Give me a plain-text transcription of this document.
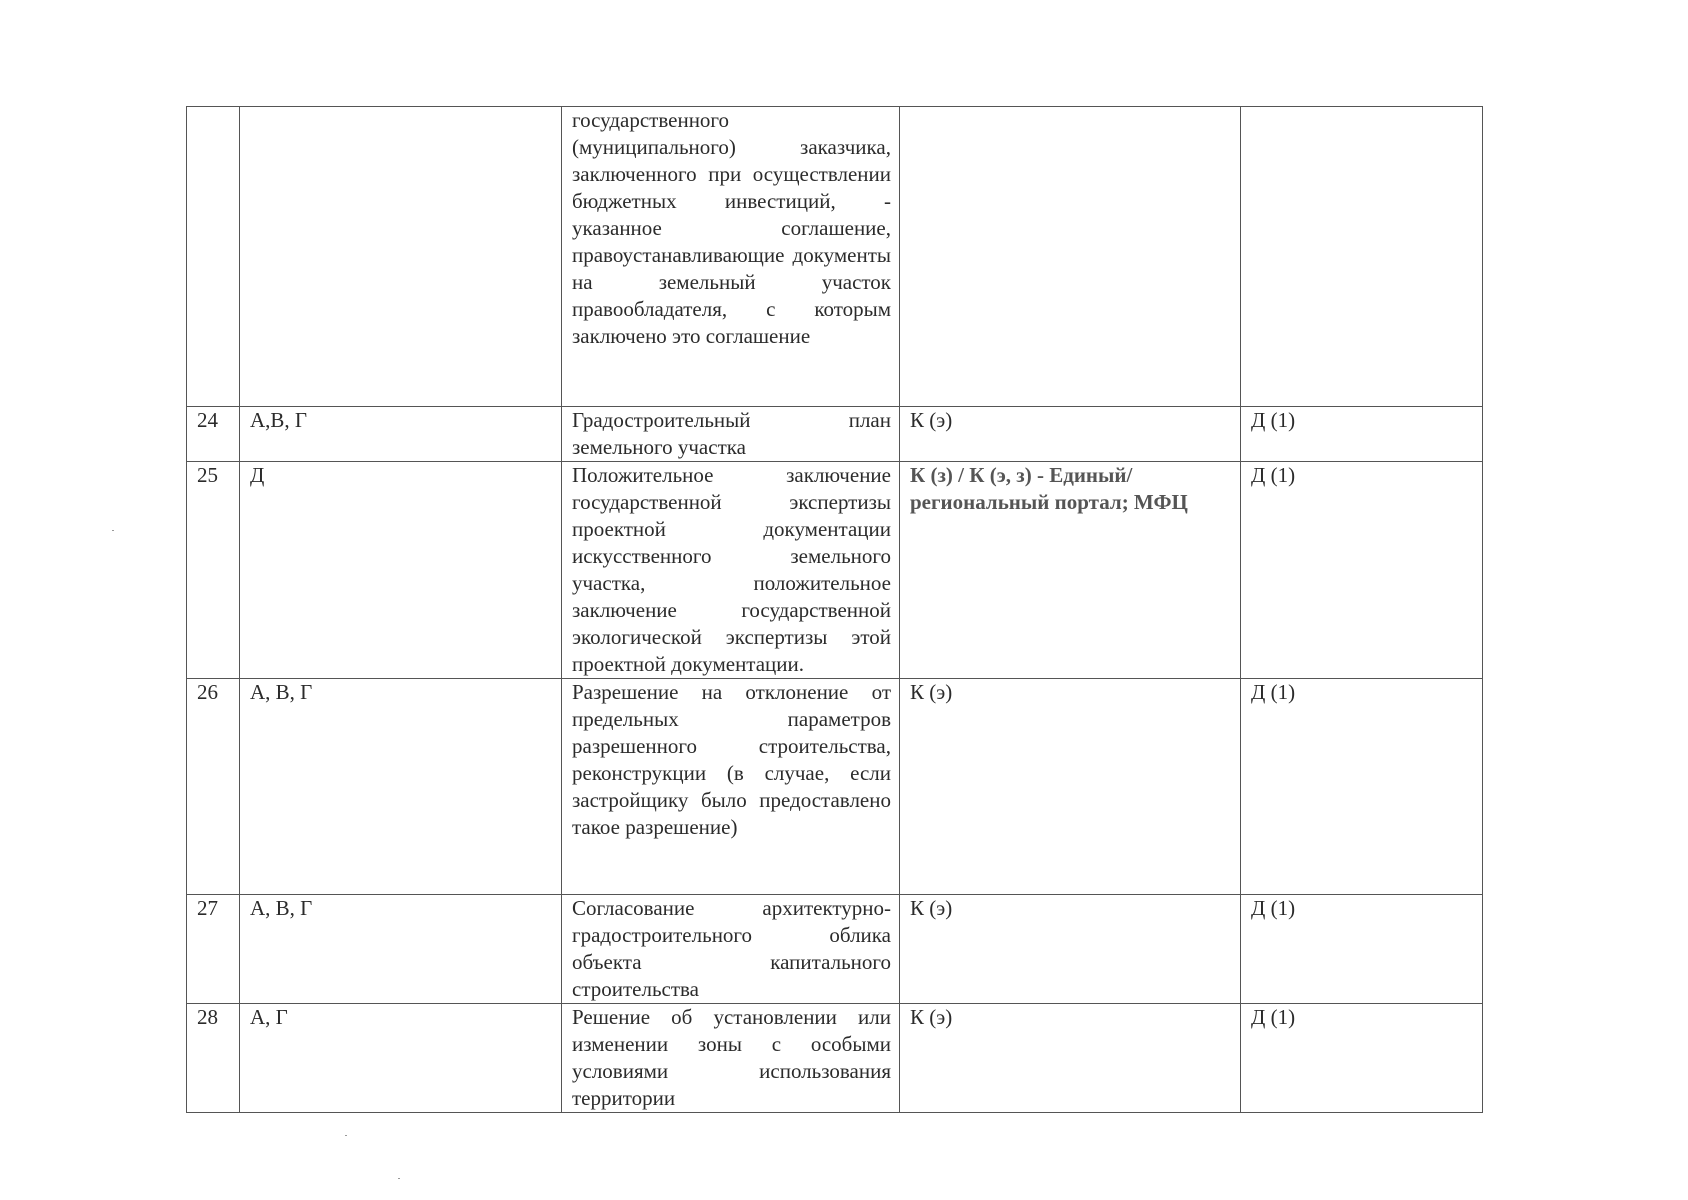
		государственного (муниципального) заказчика, заключенного при осуществлении бюджетных инвестиций, - указанное соглашение, правоустанавливающие документы на земельный участок правообладателя, с которым заключено это соглашение		
24	А,В, Г	Градостроительный план земельного участка	К (э)	Д (1)
25	Д	Положительное заключение государственной экспертизы проектной документации искусственного земельного участка, положительное заключение государственной экологической экспертизы этой проектной документации.	К (з) / К (э, з) - Единый/региональный портал; МФЦ	Д (1)
26	А, В, Г	Разрешение на отклонение от предельных параметров разрешенного строительства, реконструкции (в случае, если застройщику было предоставлено такое разрешение)	К (э)	Д (1)
27	А, В, Г	Согласование архитектурно-градостроительного облика объекта капитального строительства	К (э)	Д (1)
28	А, Г	Решение об установлении или изменении зоны с особыми условиями использования территории	К (э)	Д (1)
